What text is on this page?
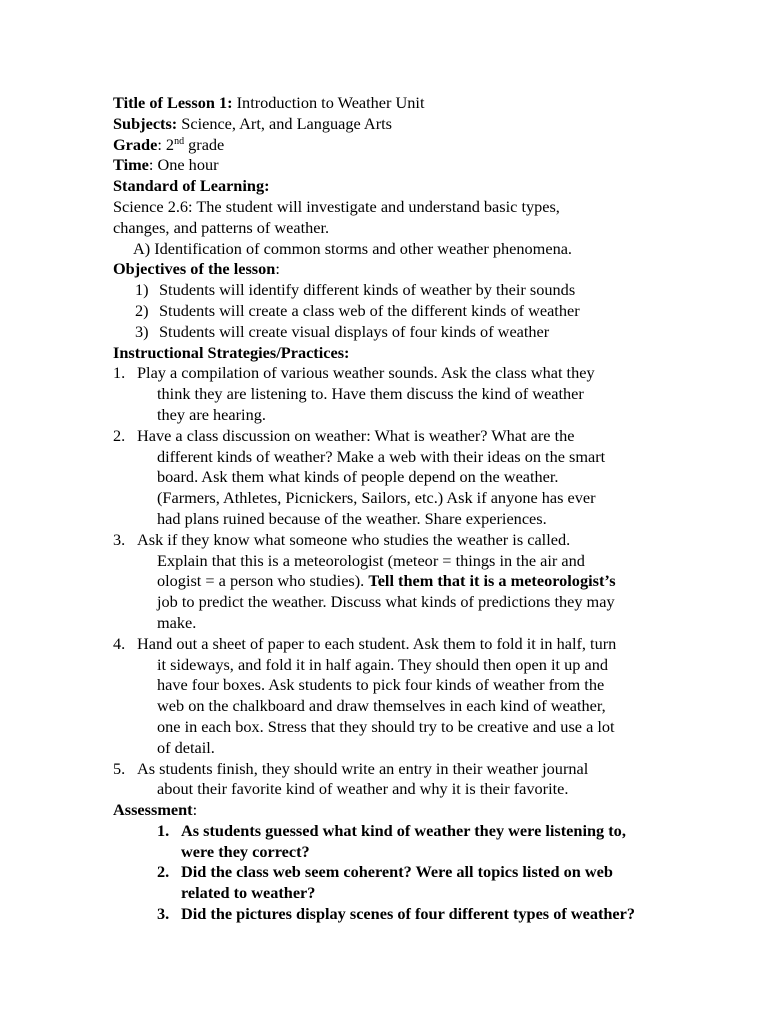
Title of Lesson 1: Introduction to Weather Unit
Subjects: Science, Art, and Language Arts
Grade: 2nd grade
Time: One hour
Standard of Learning:
Science 2.6: The student will investigate and understand basic types,
changes, and patterns of weather.
A) Identification of common storms and other weather phenomena.
Objectives of the lesson:
1) Students will identify different kinds of weather by their sounds
2) Students will create a class web of the different kinds of weather
3) Students will create visual displays of four kinds of weather
Instructional Strategies/Practices:
1. Play a compilation of various weather sounds. Ask the class what they
think they are listening to. Have them discuss the kind of weather
they are hearing.
2. Have a class discussion on weather: What is weather? What are the
different kinds of weather? Make a web with their ideas on the smart
board. Ask them what kinds of people depend on the weather.
(Farmers, Athletes, Picnickers, Sailors, etc.) Ask if anyone has ever
had plans ruined because of the weather. Share experiences.
3. Ask if they know what someone who studies the weather is called.
Explain that this is a meteorologist (meteor = things in the air and
ologist = a person who studies). Tell them that it is a meteorologist’s
job to predict the weather. Discuss what kinds of predictions they may
make.
4. Hand out a sheet of paper to each student. Ask them to fold it in half, turn
it sideways, and fold it in half again. They should then open it up and
have four boxes. Ask students to pick four kinds of weather from the
web on the chalkboard and draw themselves in each kind of weather,
one in each box. Stress that they should try to be creative and use a lot
of detail.
5. As students finish, they should write an entry in their weather journal
about their favorite kind of weather and why it is their favorite.
Assessment:
1. As students guessed what kind of weather they were listening to,
were they correct?
2. Did the class web seem coherent? Were all topics listed on web
related to weather?
3. Did the pictures display scenes of four different types of weather?
